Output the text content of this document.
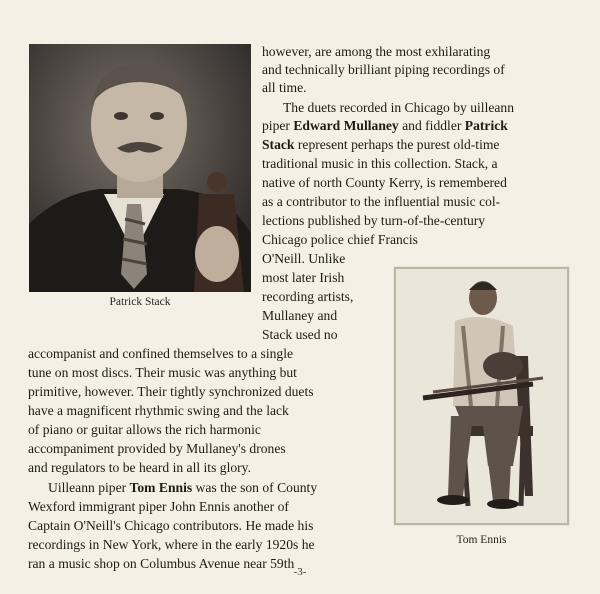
Patrick Stack
Tom Ennis
however, are among the most exhilarating
and technically brilliant piping recordings of
all time.
The duets recorded in Chicago by uilleann
piper Edward Mullaney and fiddler Patrick
Stack represent perhaps the purest old-time
traditional music in this collection. Stack, a
native of north County Kerry, is remembered
as a contributor to the influential music col-
lections published by turn-of-the-century
Chicago police chief Francis
O'Neill. Unlike
most later Irish
recording artists,
Mullaney and
Stack used no
accompanist and confined themselves to a single
tune on most discs. Their music was anything but
primitive, however. Their tightly synchronized duets
have a magnificent rhythmic swing and the lack
of piano or guitar allows the rich harmonic
accompaniment provided by Mullaney's drones
and regulators to be heard in all its glory.
Uilleann piper Tom Ennis was the son of County
Wexford immigrant piper John Ennis another of
Captain O'Neill's Chicago contributors. He made his
recordings in New York, where in the early 1920s he
ran a music shop on Columbus Avenue near 59th
-3-
